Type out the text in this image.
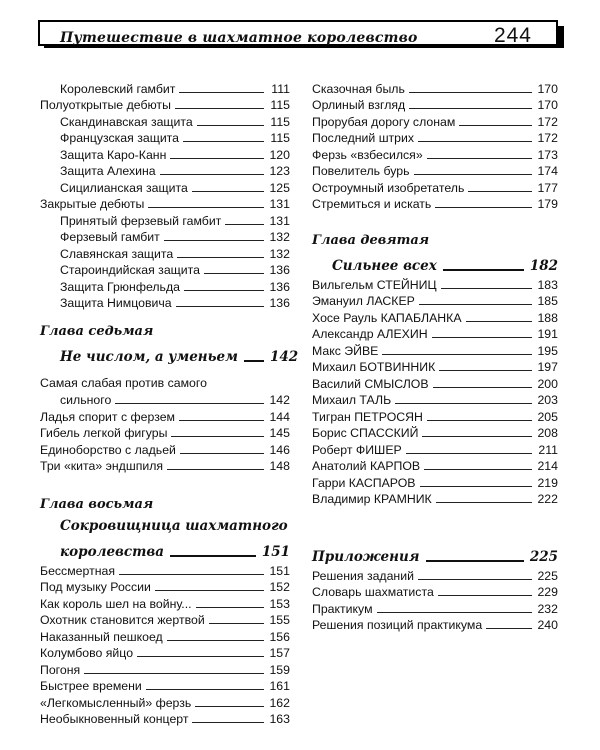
Путешествие в шахматное королевство	244
Королевский гамбит	111
Полуоткрытые дебюты	115
Скандинавская защита	115
Французская защита	115
Защита Каро-Канн	120
Защита Алехина	123
Сицилианская защита	125
Закрытые дебюты	131
Принятый ферзевый гамбит	131
Ферзевый гамбит	132
Славянская защита	132
Староиндийская защита	136
Защита Грюнфельда	136
Защита Нимцовича	136
Глава седьмая
Не числом, а уменьем 142
Самая слабая против самого
сильного	142
Ладья спорит с ферзем	144
Гибель легкой фигуры	145
Единоборство с ладьей	146
Три «кита» эндшпиля	148
Глава восьмая
Сокровищница шахматного
королевства	151
Бессмертная	151
Под музыку России	152
Как король шел на войну...	153
Охотник становится жертвой	155
Наказанный пешкоед	156
Колумбово яйцо	157
Погоня	159
Быстрее времени	161
«Легкомысленный» ферзь	162
Необыкновенный концерт	163
Сказочная быль	170
Орлиный взгляд	170
Прорубая дорогу слонам	172
Последний штрих	172
Ферзь «взбесился»	173
Повелитель бурь	174
Остроумный изобретатель	177
Стремиться и искать	179
Глава девятая
Сильнее всех	182
Вильгельм СТЕЙНИЦ	183
Эмануил ЛАСКЕР	185
Хосе Рауль КАПАБЛАНКА	188
Александр АЛЕХИН	191
Макс ЭЙВЕ	195
Михаил БОТВИННИК	197
Василий СМЫСЛОВ	200
Михаил ТАЛЬ	203
Тигран ПЕТРОСЯН	205
Борис СПАССКИЙ	208
Роберт ФИШЕР	211
Анатолий КАРПОВ	214
Гарри КАСПАРОВ	219
Владимир КРАМНИК	222
Приложения	225
Решения заданий	225
Словарь шахматиста	229
Практикум	232
Решения позиций практикума	240
